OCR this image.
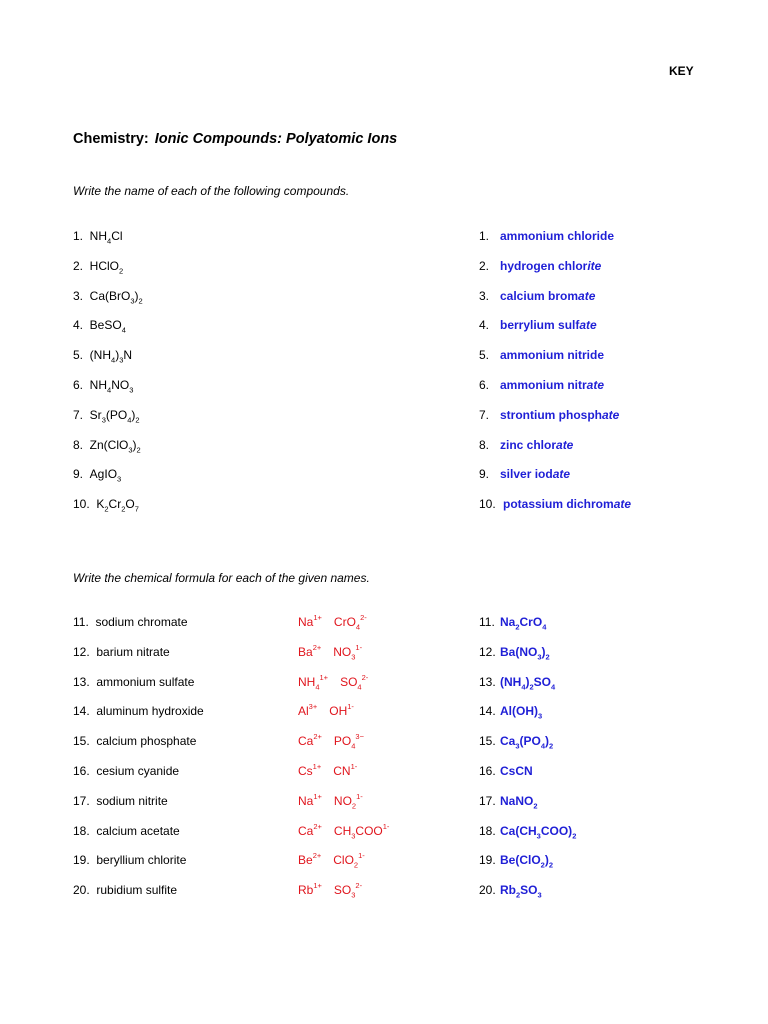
KEY
Chemistry: Ionic Compounds: Polyatomic Ions
Write the name of each of the following compounds.
1.  $NH_4Cl$	1. ammonium chloride
2.  HClO$_2$	2. hydrogen chlorite
3.  $Ca(BrO_3)_2$	3. calcium bromate
4.  BeSO$_4$	4. berrylium sulfate
5.  $(NH_4)_3N$	5. ammonium nitride
6.  $NH_4NO_3$	6. ammonium nitrate
7.  $Sr_3(PO_4)_2$	7. strontium phosphate
8.  $Zn(ClO_3)_2$	8. zinc chlorate
9.  AgIO$_3$	9. silver iodate
10.  $K_2Cr_2O_7$	10. potassium dichromate
Write the chemical formula for each of the given names.
11.  sodium chromate	$Na^{1+}$ CrO$_4^{2-}$	11. $Na_2CrO_4$
12.  barium nitrate	$Ba^{2+}$ $NO_3^{1-}$	12. $Ba(NO_3)_2$
13.  ammonium sulfate	$NH_4^{1+}$ $SO_4^{2-}$	13. $(NH_4)_2SO_4$
14.  aluminum hydroxide	$Al^{3+}$ $OH^{1-}$	14. $Al(OH)_3$
15.  calcium phosphate	$Ca^{2+}$ $PO_4^{3-}$	15. $Ca_3(PO_4)_2$
16.  cesium cyanide	$Cs^{1+}$ $CN^{1-}$	16. CsCN
17.  sodium nitrite	$Na^{1+}$ $NO_2^{1-}$	17. NaNO$_2$
18.  calcium acetate	$Ca^{2+}$ $CH_3COO^{1-}$	18. $Ca(CH_3COO)_2$
19.  beryllium chlorite	$Be^{2+}$ ClO$_2^{1-}$	19. $Be(ClO_2)_2$
20.  rubidium sulfite	$Rb^{1+}$ $SO_3^{2-}$	20. $Rb_2SO_3$
